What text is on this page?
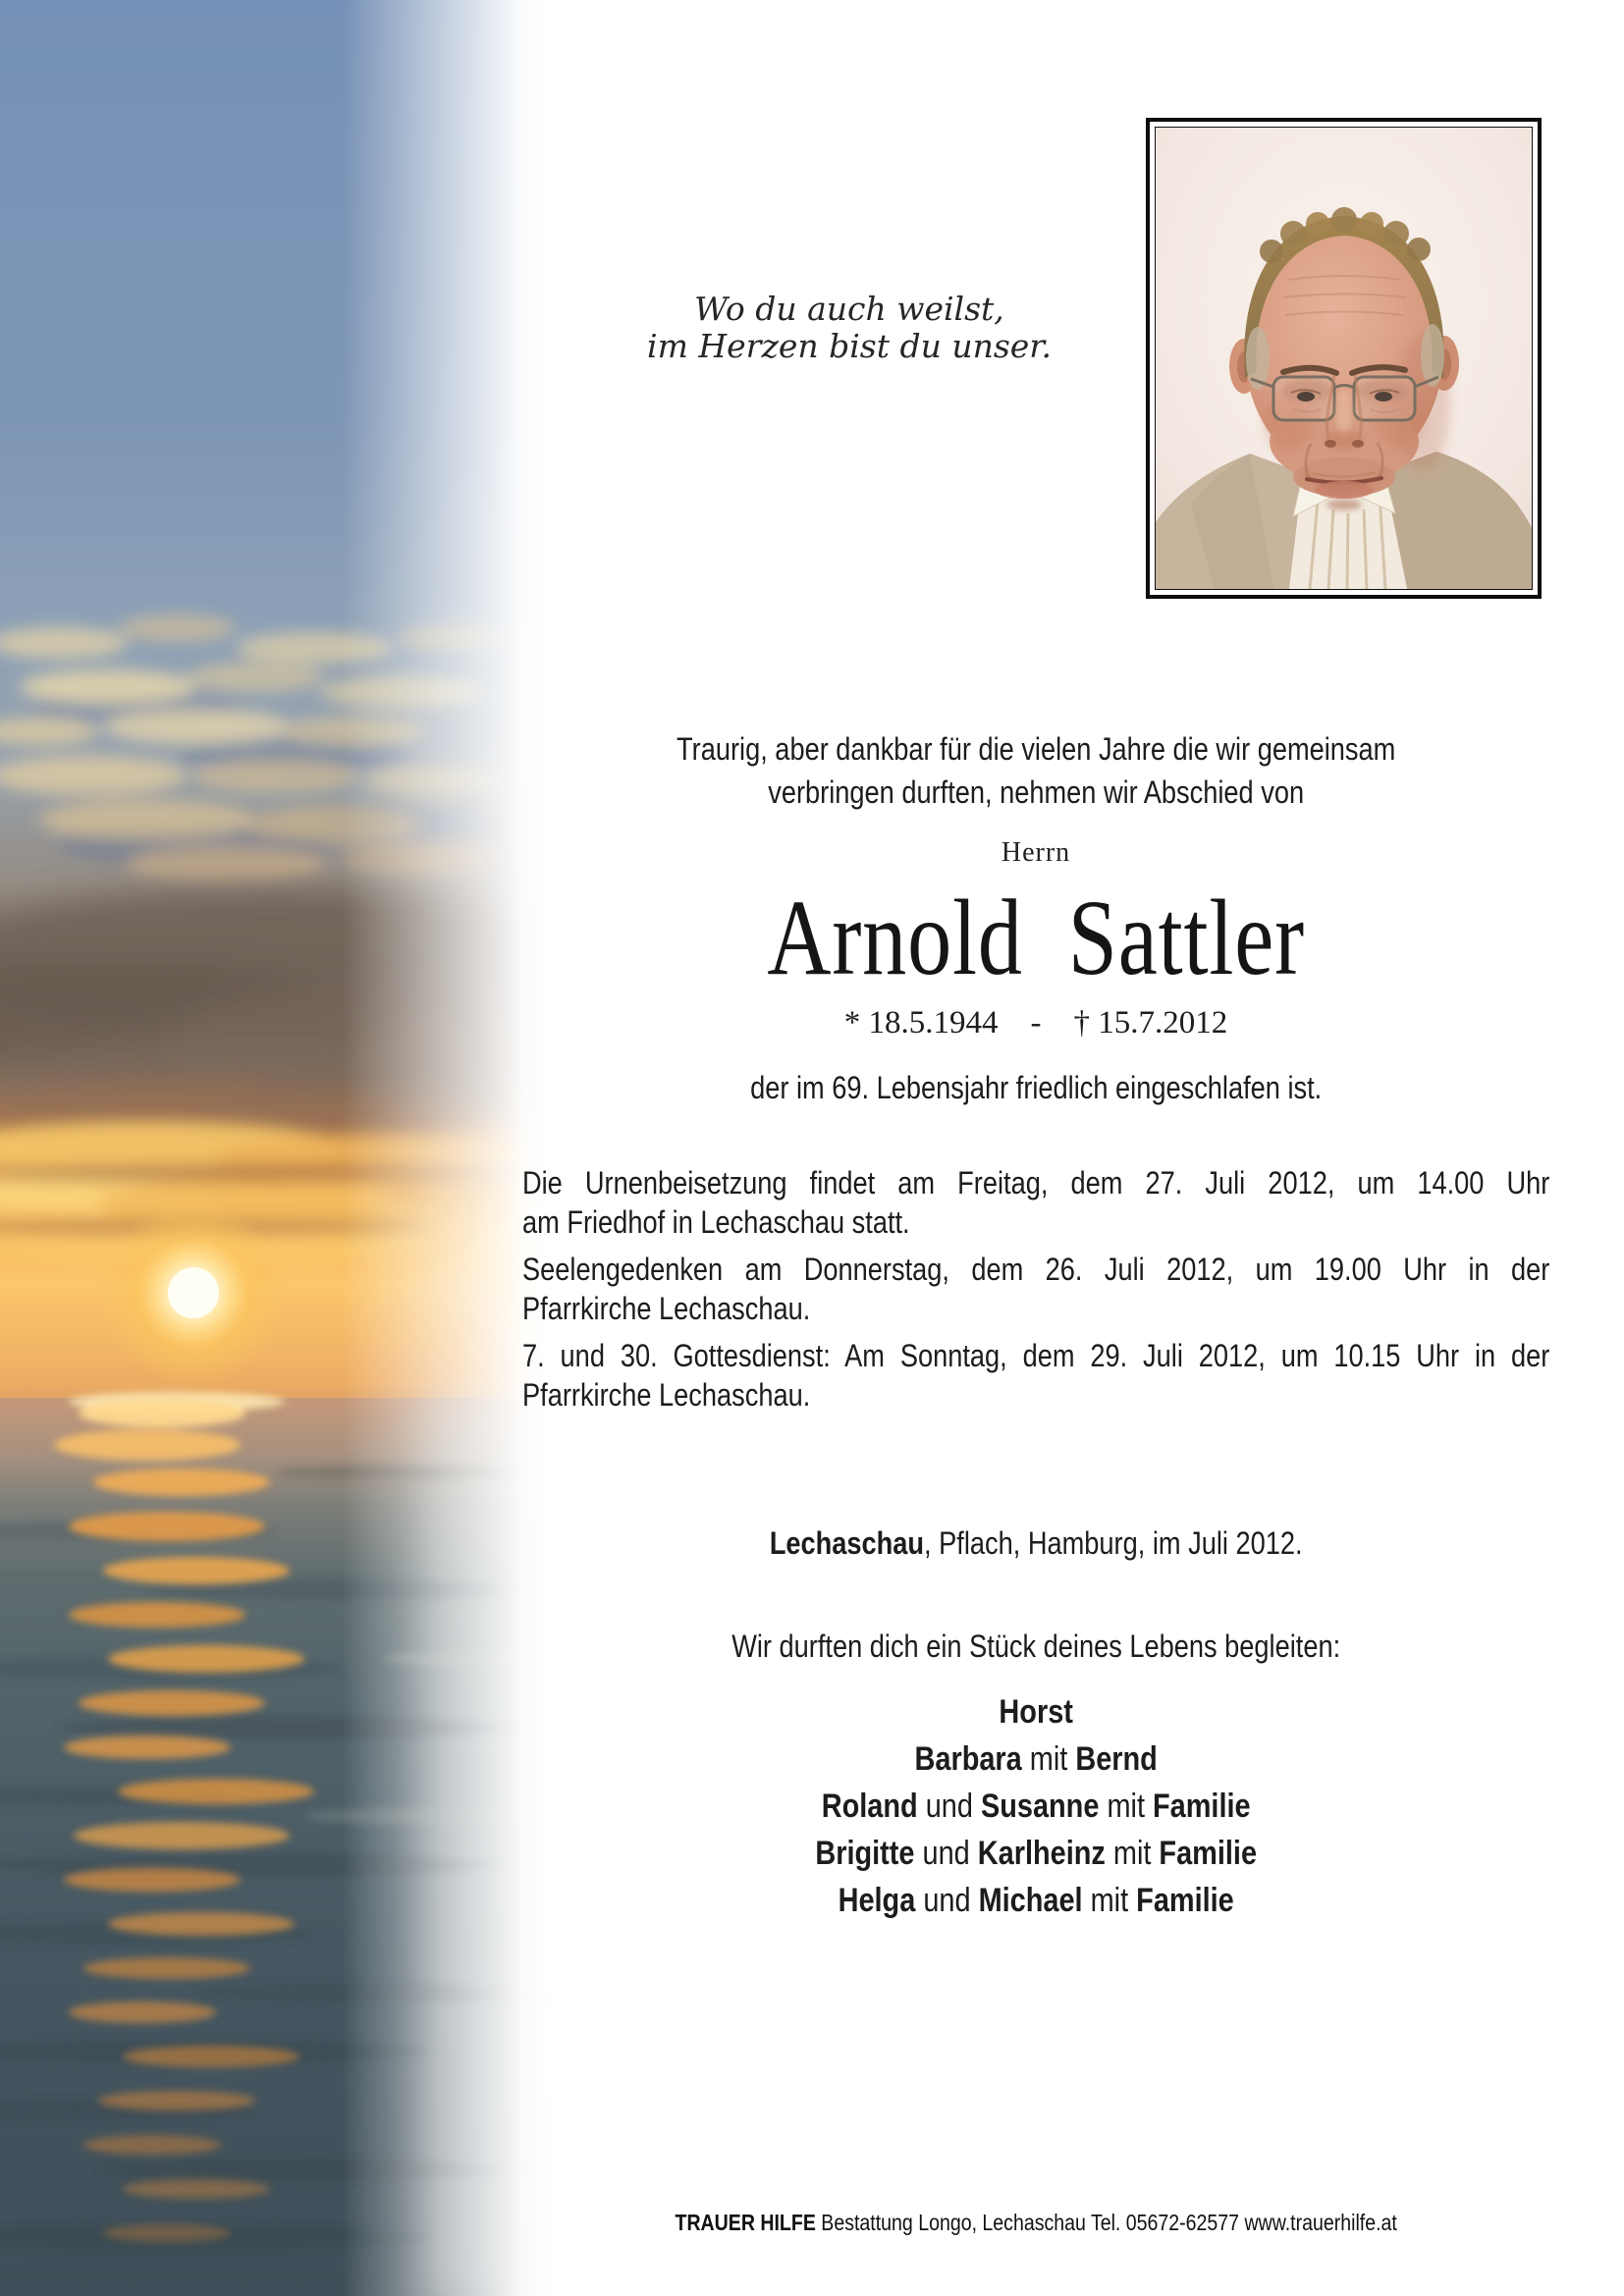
Wo du auch weilst,
im Herzen bist du unser.
Traurig, aber dankbar für die vielen Jahre die wir gemeinsam
verbringen durften, nehmen wir Abschied von
Herrn
Arnold Sattler
* 18.5.1944  -  † 15.7.2012
der im 69. Lebensjahr friedlich eingeschlafen ist.

Die Urnenbeisetzung findet am Freitag, dem 27. Juli 2012, um 14.00 Uhr
am Friedhof in Lechaschau statt.

Seelengedenken am Donnerstag, dem 26. Juli 2012, um 19.00 Uhr in der
Pfarrkirche Lechaschau.

7. und 30. Gottesdienst: Am Sonntag, dem 29. Juli 2012, um 10.15 Uhr in der
Pfarrkirche Lechaschau.

Lechaschau, Pflach, Hamburg, im Juli 2012.
Wir durften dich ein Stück deines Lebens begleiten:
Horst
Barbara mit Bernd
Roland und Susanne mit Familie
Brigitte und Karlheinz mit Familie
Helga und Michael mit Familie
TRAUER HILFE Bestattung Longo, Lechaschau Tel. 05672-62577 www.trauerhilfe.at
